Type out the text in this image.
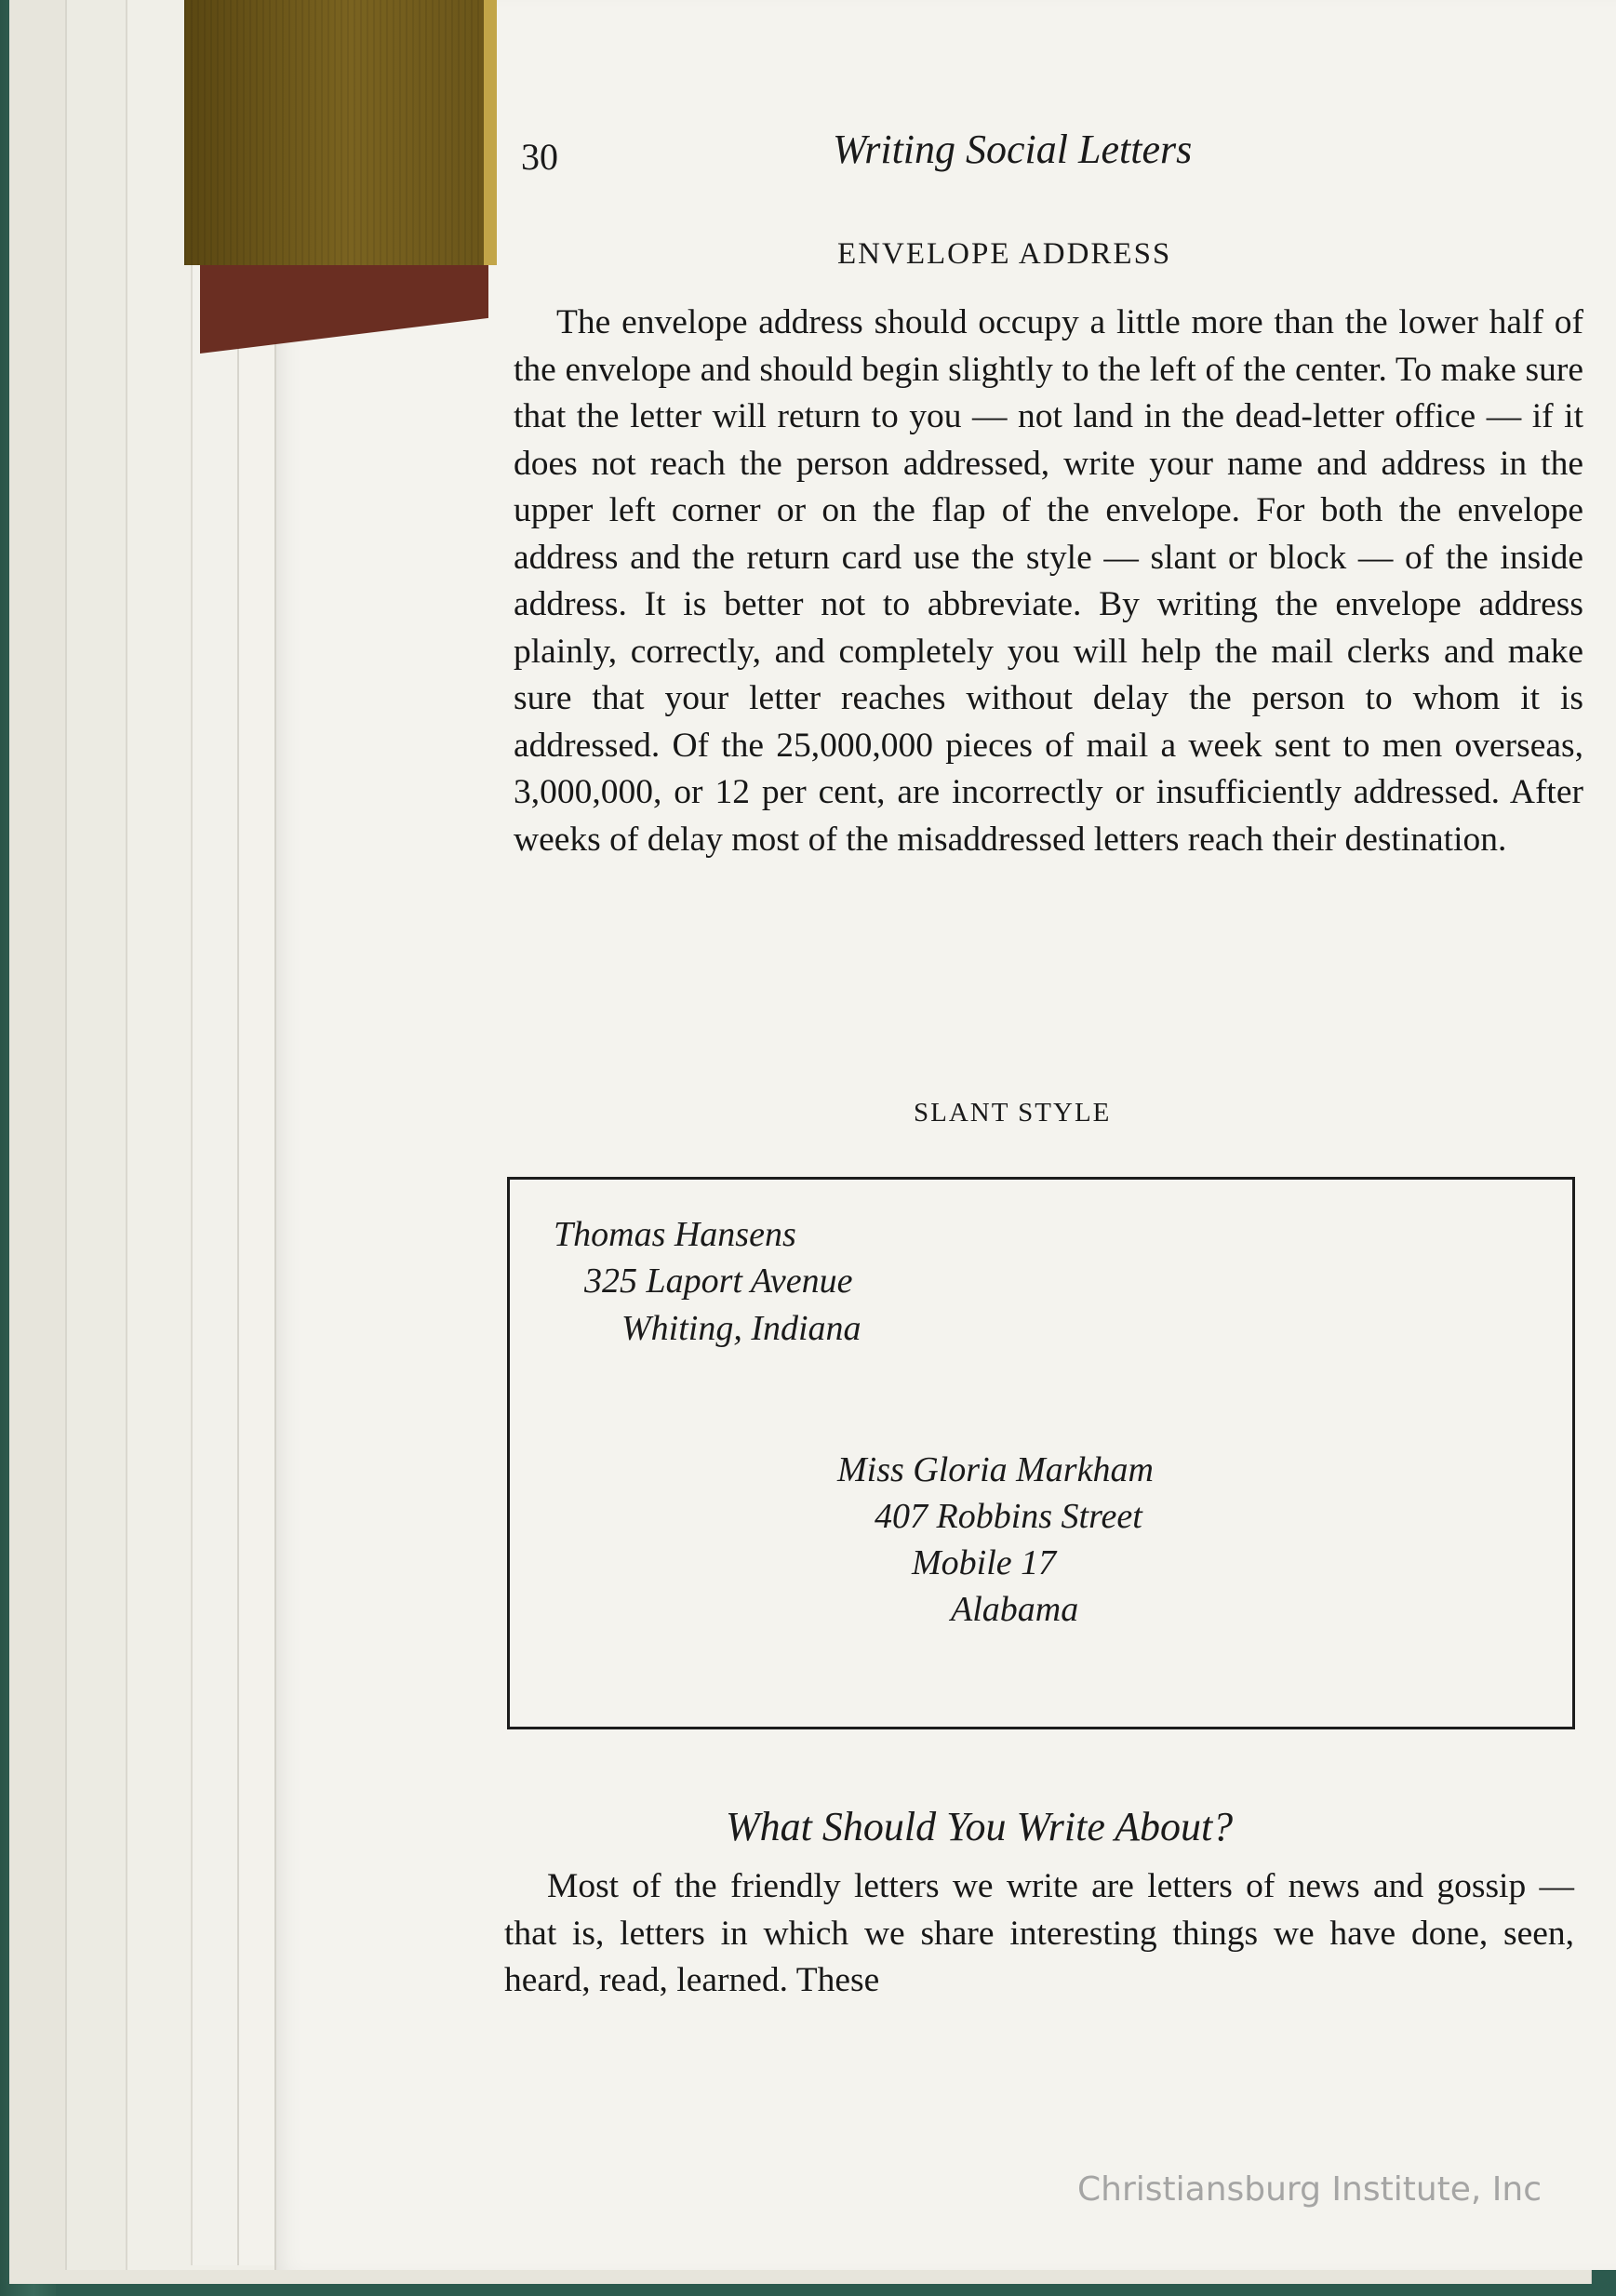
30	Writing Social Letters
ENVELOPE ADDRESS

The envelope address should occupy a little more than the lower half of the envelope and should begin slightly to the left of the center. To make sure that the letter will return to you — not land in the dead-letter office — if it does not reach the person addressed, write your name and address in the upper left corner or on the flap of the envelope. For both the envelope address and the return card use the style — slant or block — of the inside address. It is better not to abbreviate. By writing the envelope address plainly, correctly, and completely you will help the mail clerks and make sure that your letter reaches without delay the person to whom it is addressed. Of the 25,000,000 pieces of mail a week sent to men overseas, 3,000,000, or 12 per cent, are incorrectly or insufficiently addressed. After weeks of delay most of the misaddressed letters reach their destination.

SLANT STYLE
Thomas Hansens
325 Laport Avenue
Whiting, Indiana
Miss Gloria Markham
407 Robbins Street
Mobile 17
Alabama
What Should You Write About?

Most of the friendly letters we write are letters of news and gossip — that is, letters in which we share interesting things we have done, seen, heard, read, learned. These

Christiansburg Institute, Inc
